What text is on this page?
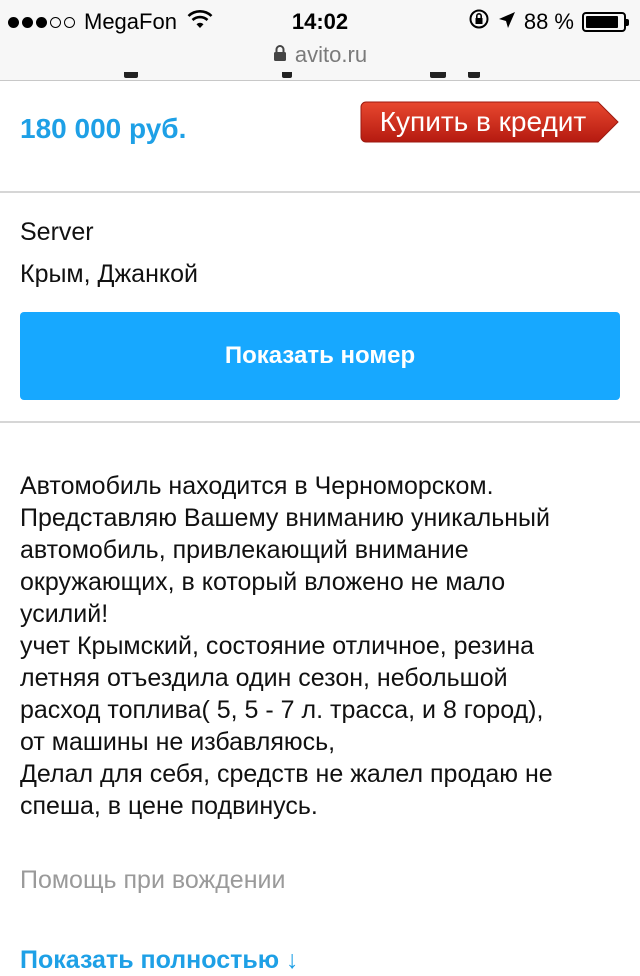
MegaFon	14:02	88 %
avito.ru
180 000 руб.	Купить в кредит
Server
Крым, Джанкой
Показать номер
Автомобиль находится в Черноморском.
Представляю Вашему вниманию уникальный
автомобиль, привлекающий внимание
окружающих, в который вложено не мало
усилий!
учет Крымский, состояние отличное, резина
летняя отъездила один сезон, небольшой
расход топлива( 5, 5 - 7 л. трасса, и 8 город),
от машины не избавляюсь,
Делал для себя, средств не жалел продаю не
спеша, в цене подвинусь.
Помощь при вождении
Показать полностью ↓
